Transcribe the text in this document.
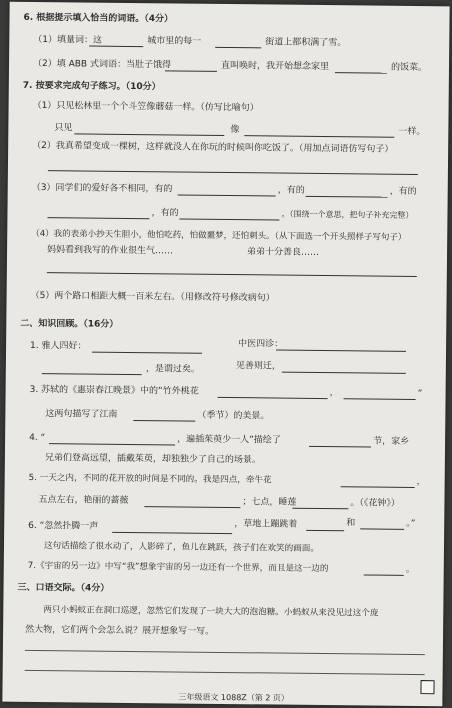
6. 根据提示填入恰当的词语。（4分）
（1）填量词：这	城市里的每一	街道上都积满了雪。
（2）填 ABB 式词语：当肚子饿得	直叫唤时，我开始想念家里	的饭菜。
7. 按要求完成句子练习。（10分）
（1）只见松林里一个个斗笠像蘑菇一样。（仿写比喻句）
只见	像	一样。
（2）我真希望变成一棵树，这样就没人在你玩的时候叫你吃饭了。（用加点词语仿写句子）
（3）同学们的爱好各不相同，有的	，有的	，有的
，有的	。（围绕一个意思，把句子补充完整）
（4）我的表弟小抄天生胆小，他怕吃药，怕做噩梦，还怕刺头。（从下面选一个开头照样子写句子）
妈妈看到我写的作业很生气……	弟弟十分善良……
（5）两个路口相距大概一百米左右。（用修改符号修改病句）
二、知识回顾。（16分）
1. 雅人四好：	中医四诊：
，是谓过矣。	见善则迁，
3. 苏轼的《惠崇春江晚景》中的“竹外桃花	，	”
这两句描写了江南	（季节）的美景。
4. “	，遍插茱萸少一人”描绘了	节，家乡
兄弟们登高远望，插戴茱萸，却独独少了自己的场景。
5. 一天之内，不同的花开放的时间是不同的。我是四点，牵牛花	，
五点左右，艳丽的蔷薇	；七点，睡莲	。（《花钟》）
6. “忽然扑腾一声	，草地上蹦跳着	和	。”
这句话描绘了很水动了，人影碎了，鱼儿在跳跃，孩子们在欢笑的画面。
7.《宇宙的另一边》中写“我”想象宇宙的另一边还有一个世界，而且是这一边的	。
三、口语交际。（4分）
两只小蚂蚁正在洞口巡逻，忽然它们发现了一块大大的泡泡糖。小蚂蚁从来没见过这个庞
然大物，它们两个会怎么说？展开想象写一写。
三年级语文 1088Z（第 2 页）
